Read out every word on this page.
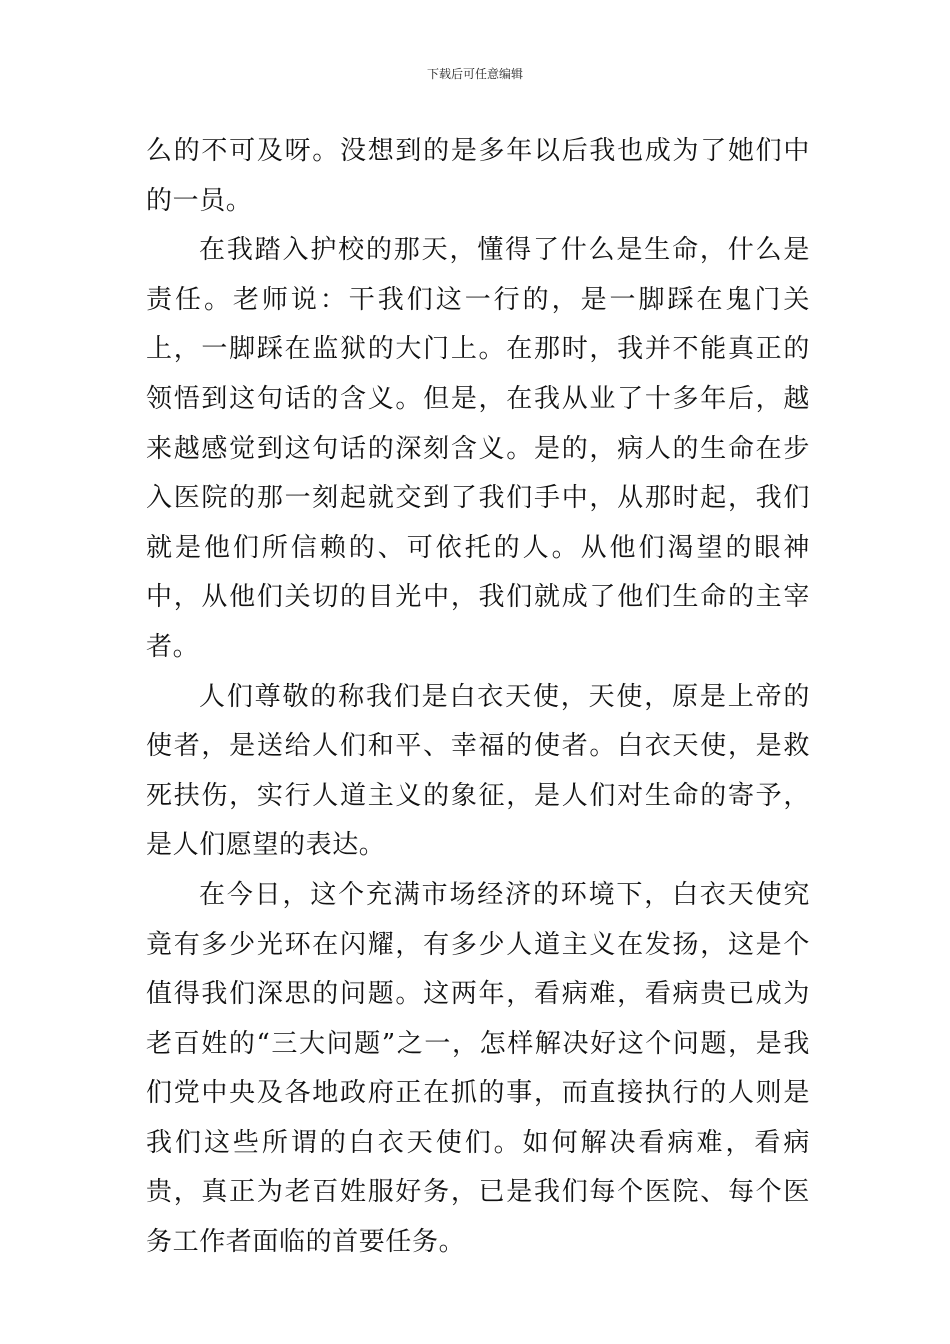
下载后可任意编辑

么的不可及呀。没想到的是多年以后我也成为了她们中的一员。

在我踏入护校的那天，懂得了什么是生命，什么是责任。老师说：干我们这一行的，是一脚踩在鬼门关上，一脚踩在监狱的大门上。在那时，我并不能真正的领悟到这句话的含义。但是，在我从业了十多年后，越来越感觉到这句话的深刻含义。是的，病人的生命在步入医院的那一刻起就交到了我们手中，从那时起，我们就是他们所信赖的、可依托的人。从他们渴望的眼神中，从他们关切的目光中，我们就成了他们生命的主宰者。

人们尊敬的称我们是白衣天使，天使，原是上帝的使者，是送给人们和平、幸福的使者。白衣天使，是救死扶伤，实行人道主义的象征，是人们对生命的寄予，是人们愿望的表达。

在今日，这个充满市场经济的环境下，白衣天使究竟有多少光环在闪耀，有多少人道主义在发扬，这是个值得我们深思的问题。这两年，看病难，看病贵已成为老百姓的“三大问题”之一，怎样解决好这个问题，是我们党中央及各地政府正在抓的事，而直接执行的人则是我们这些所谓的白衣天使们。如何解决看病难，看病贵，真正为老百姓服好务，已是我们每个医院、每个医务工作者面临的首要任务。
